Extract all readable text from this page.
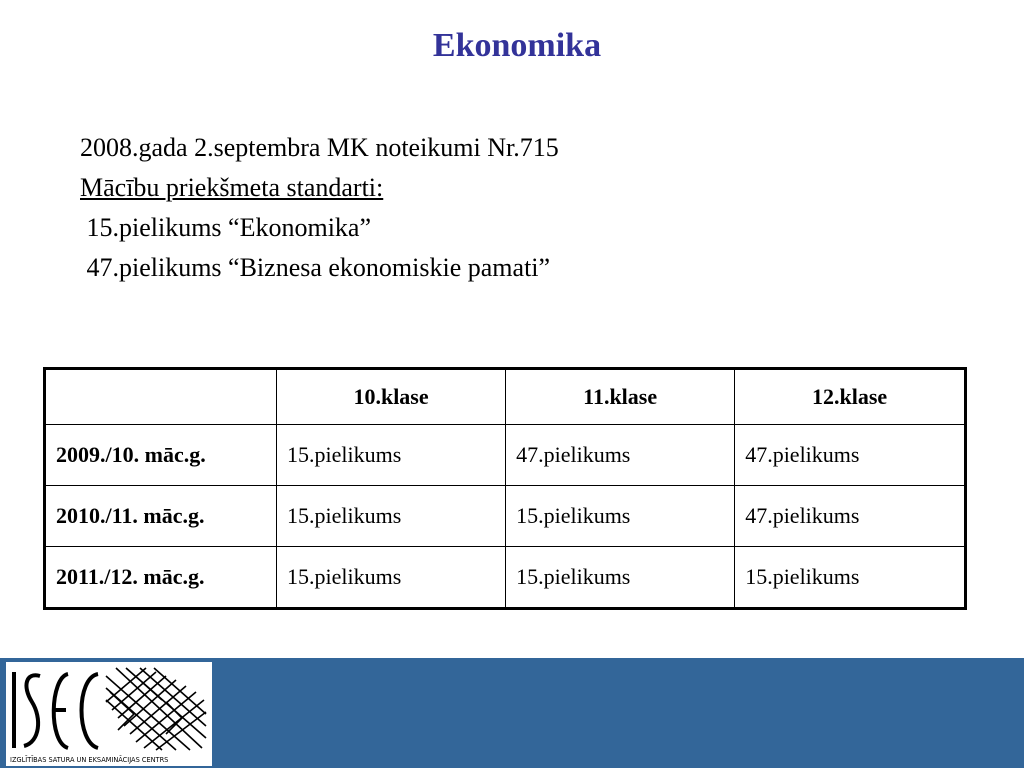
Ekonomika
2008.gada 2.septembra MK noteikumi Nr.715
Mācību priekšmeta standarti:
15.pielikums “Ekonomika”
47.pielikums “Biznesa ekonomiskie pamati”
	10.klase	11.klase	12.klase
2009./10. māc.g.	15.pielikums	47.pielikums	47.pielikums
2010./11. māc.g.	15.pielikums	15.pielikums	47.pielikums
2011./12. māc.g.	15.pielikums	15.pielikums	15.pielikums
IZGLĪTĪBAS SATURA UN EKSAMINĀCIJAS CENTRS
